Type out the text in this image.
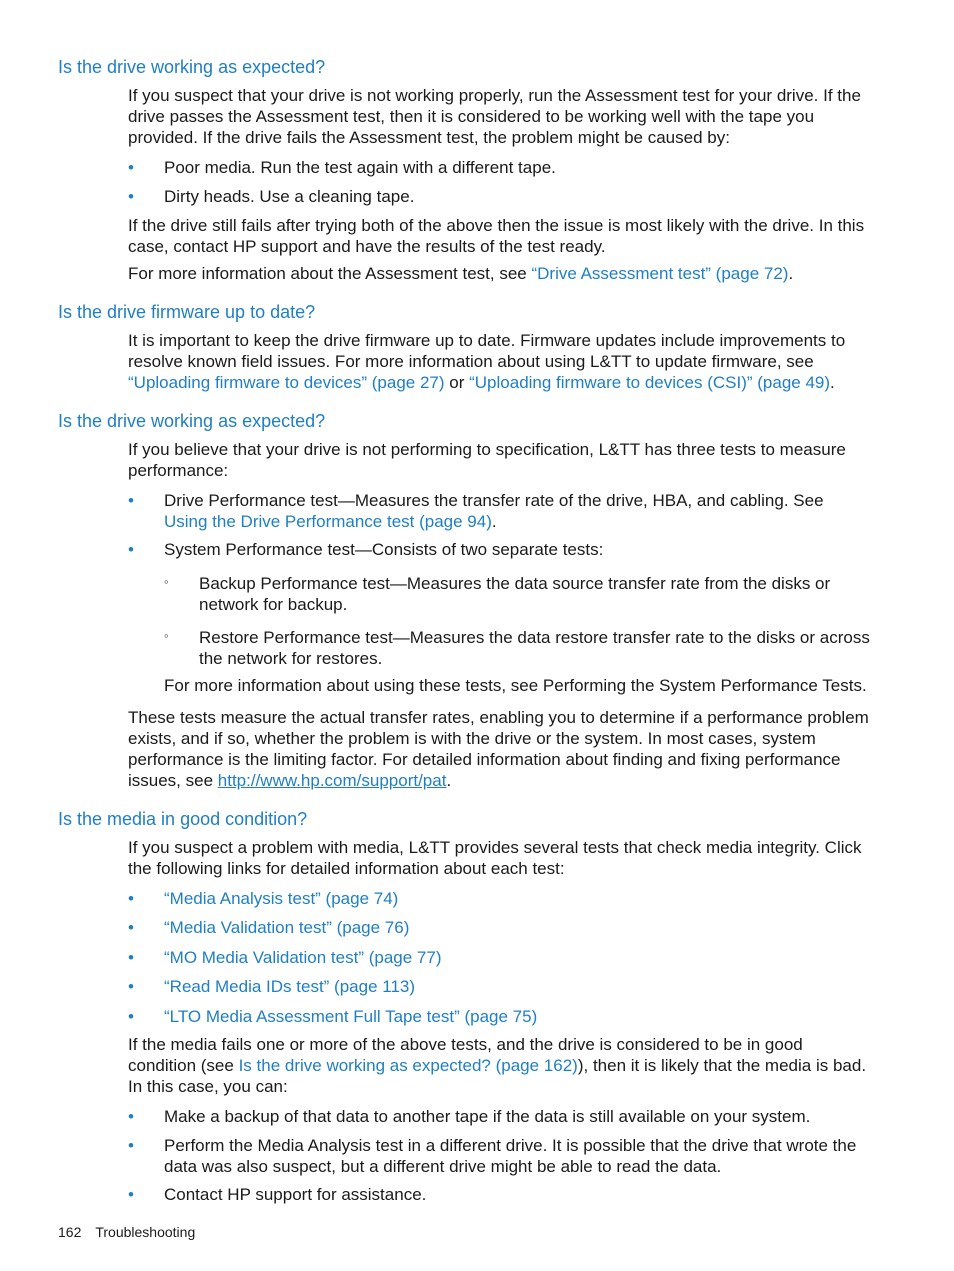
Is the drive working as expected?

If you suspect that your drive is not working properly, run the Assessment test for your drive. If the drive passes the Assessment test, then it is considered to be working well with the tape you provided. If the drive fails the Assessment test, the problem might be caused by:

• Poor media. Run the test again with a different tape.
• Dirty heads. Use a cleaning tape.

If the drive still fails after trying both of the above then the issue is most likely with the drive. In this case, contact HP support and have the results of the test ready.

For more information about the Assessment test, see “Drive Assessment test” (page 72).

Is the drive firmware up to date?

It is important to keep the drive firmware up to date. Firmware updates include improvements to resolve known field issues. For more information about using L&TT to update firmware, see

“Uploading firmware to devices” (page 27) or “Uploading firmware to devices (CSI)” (page 49).

Is the drive working as expected?

If you believe that your drive is not performing to specification, L&TT has three tests to measure performance:

• Drive Performance test—Measures the transfer rate of the drive, HBA, and cabling. See Using the Drive Performance test (page 94).
• System Performance test—Consists of two separate tests:
◦ Backup Performance test—Measures the data source transfer rate from the disks or network for backup.
◦ Restore Performance test—Measures the data restore transfer rate to the disks or across the network for restores.

For more information about using these tests, see Performing the System Performance Tests.

These tests measure the actual transfer rates, enabling you to determine if a performance problem exists, and if so, whether the problem is with the drive or the system. In most cases, system performance is the limiting factor. For detailed information about finding and fixing performance issues, see http://www.hp.com/support/pat.

Is the media in good condition?

If you suspect a problem with media, L&TT provides several tests that check media integrity. Click the following links for detailed information about each test:

• “Media Analysis test” (page 74)
• “Media Validation test” (page 76)
• “MO Media Validation test” (page 77)
• “Read Media IDs test” (page 113)
• “LTO Media Assessment Full Tape test” (page 75)

If the media fails one or more of the above tests, and the drive is considered to be in good condition (see Is the drive working as expected? (page 162)), then it is likely that the media is bad. In this case, you can:

• Make a backup of that data to another tape if the data is still available on your system.
• Perform the Media Analysis test in a different drive. It is possible that the drive that wrote the data was also suspect, but a different drive might be able to read the data.
• Contact HP support for assistance.
162 Troubleshooting
